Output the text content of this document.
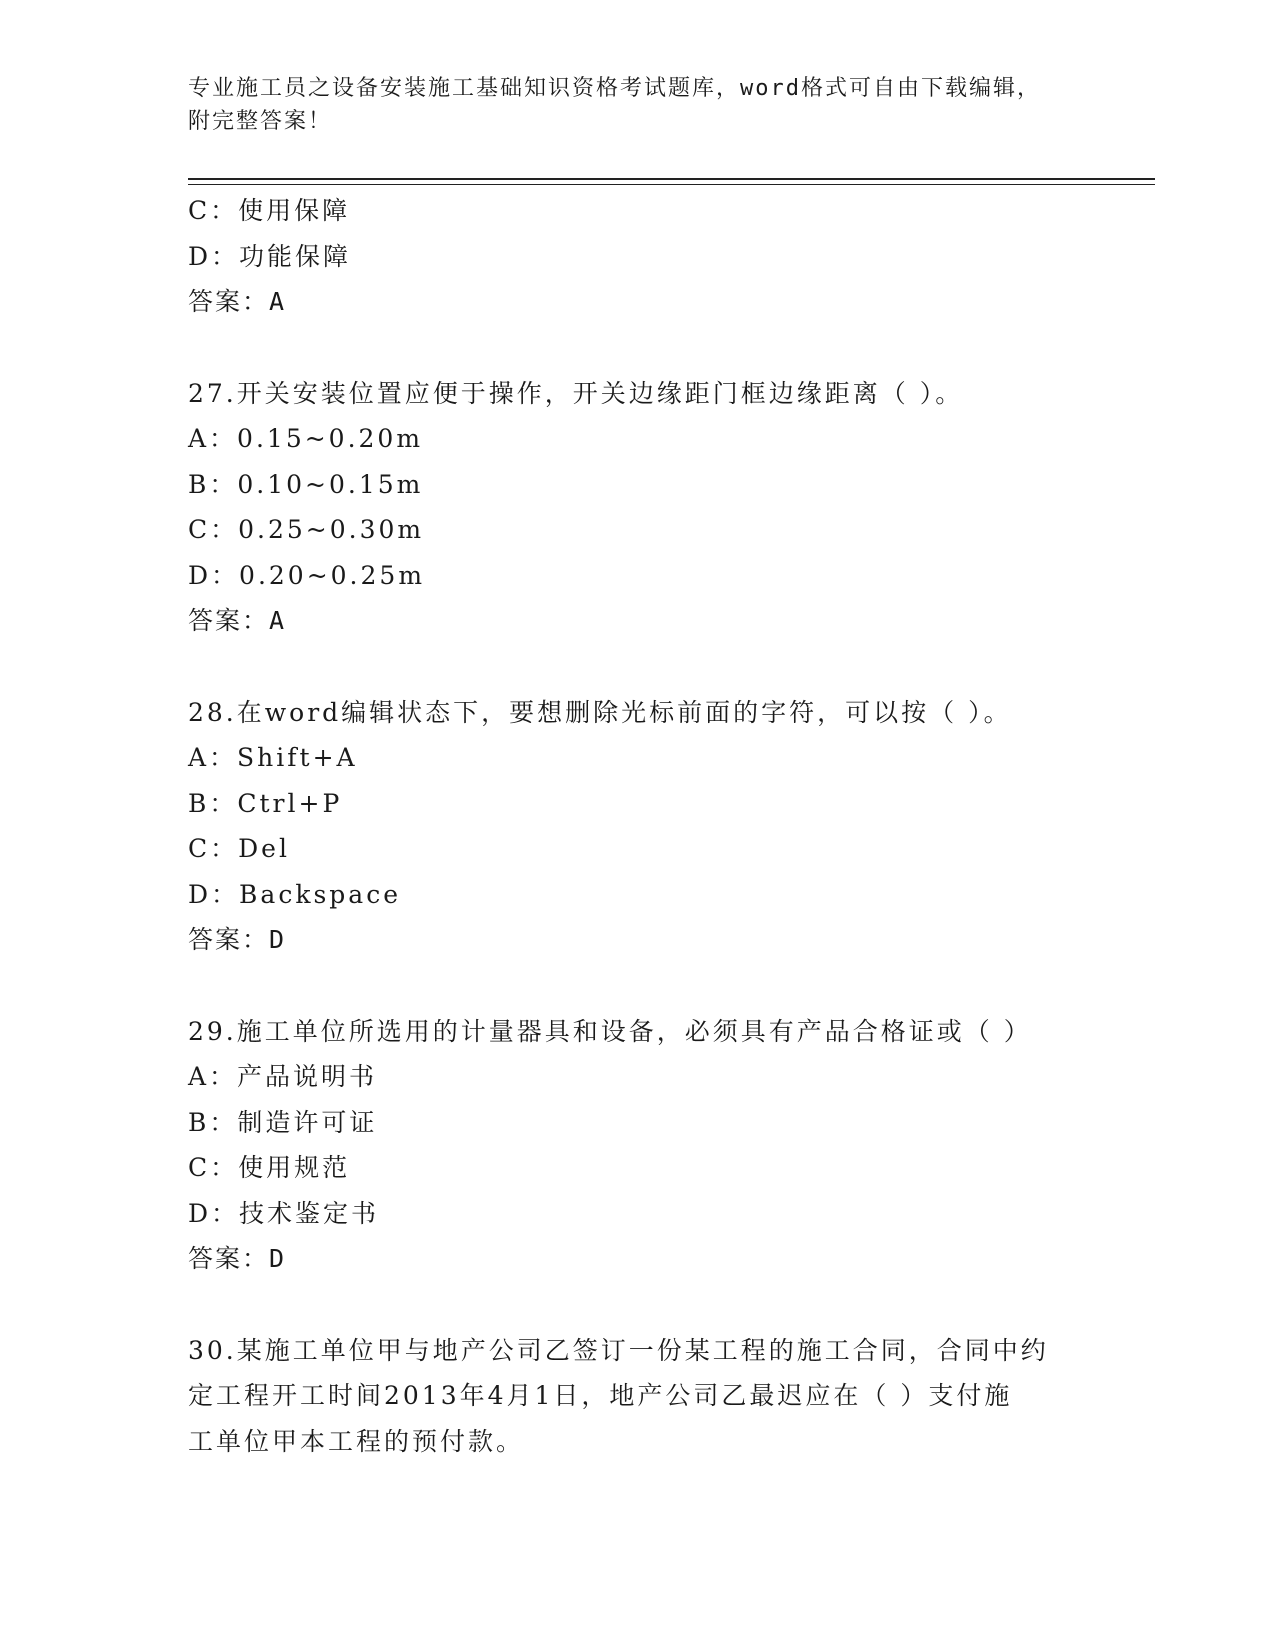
专业施工员之设备安装施工基础知识资格考试题库，word格式可自由下载编辑，
附完整答案！
C：使用保障
D：功能保障
答案：A
27.开关安装位置应便于操作，开关边缘距门框边缘距离（ ）。
A：0.15~0.20m
B：0.10~0.15m
C：0.25~0.30m
D：0.20~0.25m
答案：A
28.在word编辑状态下，要想删除光标前面的字符，可以按（ ）。
A：Shift+A
B：Ctrl+P
C：Del
D：Backspace
答案：D
29.施工单位所选用的计量器具和设备，必须具有产品合格证或（ ）
A：产品说明书
B：制造许可证
C：使用规范
D：技术鉴定书
答案：D
30.某施工单位甲与地产公司乙签订一份某工程的施工合同，合同中约
定工程开工时间2013年4月1日，地产公司乙最迟应在（ ）支付施
工单位甲本工程的预付款。
